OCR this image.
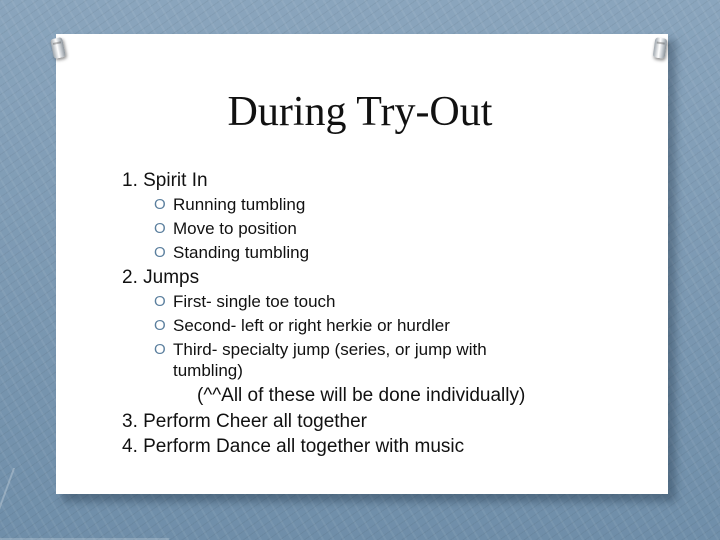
During Try-Out
1. Spirit In
O Running tumbling
O Move to position
O Standing tumbling
2. Jumps
O First- single toe touch
O Second- left or right herkie or hurdler
O Third- specialty jump (series, or jump with
tumbling)
(^^All of these will be done individually)
3. Perform Cheer all together
4. Perform Dance all together with music
